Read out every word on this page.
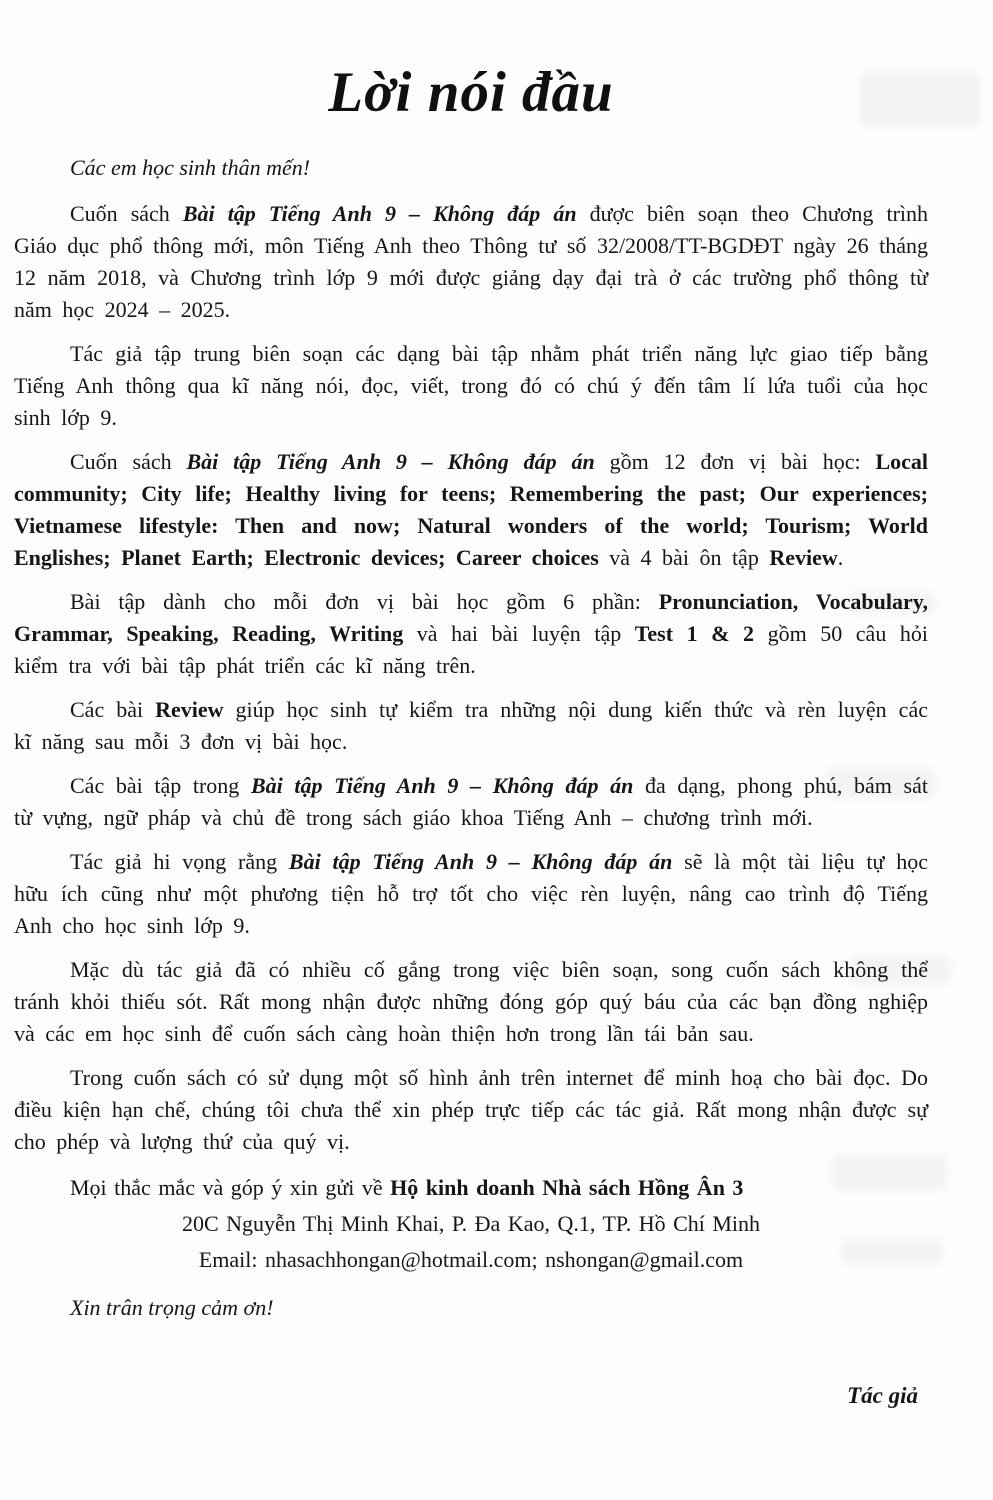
Lời nói đầu

Các em học sinh thân mến!

Cuốn sách Bài tập Tiếng Anh 9 – Không đáp án được biên soạn theo Chương trình Giáo dục phổ thông mới, môn Tiếng Anh theo Thông tư số 32/2008/TT-BGDĐT ngày 26 tháng 12 năm 2018, và Chương trình lớp 9 mới được giảng dạy đại trà ở các trường phổ thông từ năm học 2024 – 2025.

Tác giả tập trung biên soạn các dạng bài tập nhằm phát triển năng lực giao tiếp bằng Tiếng Anh thông qua kĩ năng nói, đọc, viết, trong đó có chú ý đến tâm lí lứa tuổi của học sinh lớp 9.

Cuốn sách Bài tập Tiếng Anh 9 – Không đáp án gồm 12 đơn vị bài học: Local community; City life; Healthy living for teens; Remembering the past; Our experiences; Vietnamese lifestyle: Then and now; Natural wonders of the world; Tourism; World Englishes; Planet Earth; Electronic devices; Career choices và 4 bài ôn tập Review.

Bài tập dành cho mỗi đơn vị bài học gồm 6 phần: Pronunciation, Vocabulary, Grammar, Speaking, Reading, Writing và hai bài luyện tập Test 1 & 2 gồm 50 câu hỏi kiểm tra với bài tập phát triển các kĩ năng trên.

Các bài Review giúp học sinh tự kiểm tra những nội dung kiến thức và rèn luyện các kĩ năng sau mỗi 3 đơn vị bài học.

Các bài tập trong Bài tập Tiếng Anh 9 – Không đáp án đa dạng, phong phú, bám sát từ vựng, ngữ pháp và chủ đề trong sách giáo khoa Tiếng Anh – chương trình mới.

Tác giả hi vọng rằng Bài tập Tiếng Anh 9 – Không đáp án sẽ là một tài liệu tự học hữu ích cũng như một phương tiện hỗ trợ tốt cho việc rèn luyện, nâng cao trình độ Tiếng Anh cho học sinh lớp 9.

Mặc dù tác giả đã có nhiều cố gắng trong việc biên soạn, song cuốn sách không thể tránh khỏi thiếu sót. Rất mong nhận được những đóng góp quý báu của các bạn đồng nghiệp và các em học sinh để cuốn sách càng hoàn thiện hơn trong lần tái bản sau.

Trong cuốn sách có sử dụng một số hình ảnh trên internet để minh hoạ cho bài đọc. Do điều kiện hạn chế, chúng tôi chưa thể xin phép trực tiếp các tác giả. Rất mong nhận được sự cho phép và lượng thứ của quý vị.

Mọi thắc mắc và góp ý xin gửi về Hộ kinh doanh Nhà sách Hồng Ân 3

20C Nguyễn Thị Minh Khai, P. Đa Kao, Q.1, TP. Hồ Chí Minh

Email: nhasachhongan@hotmail.com; nshongan@gmail.com

Xin trân trọng cảm ơn!

Tác giả
